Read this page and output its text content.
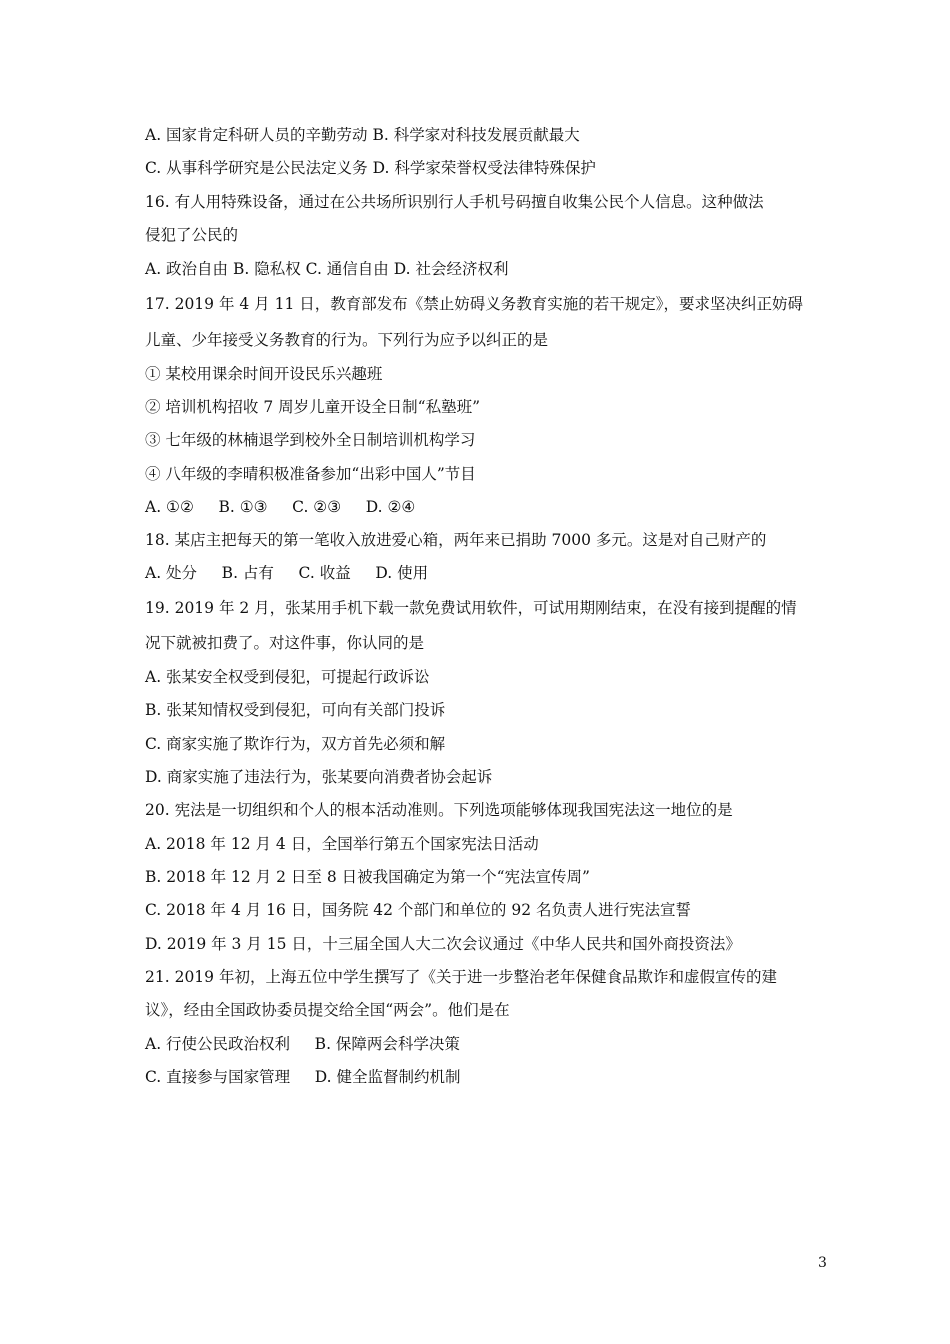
A. 国家肯定科研人员的辛勤劳动 B. 科学家对科技发展贡献最大
C. 从事科学研究是公民法定义务 D. 科学家荣誉权受法律特殊保护
16. 有人用特殊设备，通过在公共场所识别行人手机号码擅自收集公民个人信息。这种做法
侵犯了公民的
A. 政治自由 B. 隐私权 C. 通信自由 D. 社会经济权利
17. 2019 年 4 月 11 日，教育部发布《禁止妨碍义务教育实施的若干规定》，要求坚决纠正妨碍
儿童、少年接受义务教育的行为。下列行为应予以纠正的是
① 某校用课余时间开设民乐兴趣班
② 培训机构招收 7 周岁儿童开设全日制“私塾班”
③ 七年级的林楠退学到校外全日制培训机构学习
④ 八年级的李晴积极准备参加“出彩中国人”节目
A. ①②     B. ①③     C. ②③     D. ②④
18. 某店主把每天的第一笔收入放进爱心箱，两年来已捐助 7000 多元。这是对自己财产的
A. 处分     B. 占有     C. 收益     D. 使用
19. 2019 年 2 月，张某用手机下载一款免费试用软件，可试用期刚结束，在没有接到提醒的情
况下就被扣费了。对这件事，你认同的是
A. 张某安全权受到侵犯，可提起行政诉讼
B. 张某知情权受到侵犯，可向有关部门投诉
C. 商家实施了欺诈行为，双方首先必须和解
D. 商家实施了违法行为，张某要向消费者协会起诉
20. 宪法是一切组织和个人的根本活动准则。下列选项能够体现我国宪法这一地位的是
A. 2018 年 12 月 4 日，全国举行第五个国家宪法日活动
B. 2018 年 12 月 2 日至 8 日被我国确定为第一个“宪法宣传周”
C. 2018 年 4 月 16 日，国务院 42 个部门和单位的 92 名负责人进行宪法宣誓
D. 2019 年 3 月 15 日，十三届全国人大二次会议通过《中华人民共和国外商投资法》
21. 2019 年初，上海五位中学生撰写了《关于进一步整治老年保健食品欺诈和虚假宣传的建
议》，经由全国政协委员提交给全国“两会”。他们是在
A. 行使公民政治权利     B. 保障两会科学决策
C. 直接参与国家管理     D. 健全监督制约机制
3
